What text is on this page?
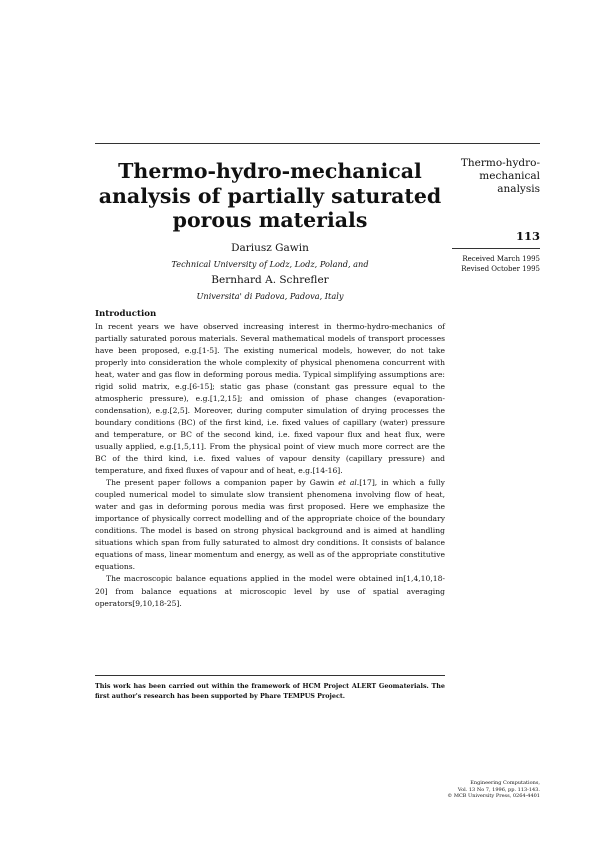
Thermo-hydro-
mechanical
analysis
113
Received March 1995
Revised October 1995
Thermo-hydro-mechanical
analysis of partially saturated
porous materials
Dariusz Gawin
Technical University of Lodz, Lodz, Poland, and
Bernhard A. Schrefler
Universita' di Padova, Padova, Italy
Introduction

In recent years we have observed increasing interest in thermo-hydro-mechanics of partially saturated porous materials. Several mathematical models of transport processes have been proposed, e.g.[1-5]. The existing numerical models, however, do not take properly into consideration the whole complexity of physical phenomena concurrent with heat, water and gas flow in deforming porous media. Typical simplifying assumptions are: rigid solid matrix, e.g.[6-15]; static gas phase (constant gas pressure equal to the atmospheric pressure), e.g.[1,2,15]; and omission of phase changes (evaporation-condensation), e.g.[2,5]. Moreover, during computer simulation of drying processes the boundary conditions (BC) of the first kind, i.e. fixed values of capillary (water) pressure and temperature, or BC of the second kind, i.e. fixed vapour flux and heat flux, were usually applied, e.g.[1,5,11]. From the physical point of view much more correct are the BC of the third kind, i.e. fixed values of vapour density (capillary pressure) and temperature, and fixed fluxes of vapour and of heat, e.g.[14-16].

The present paper follows a companion paper by Gawin et al.[17], in which a fully coupled numerical model to simulate slow transient phenomena involving flow of heat, water and gas in deforming porous media was first proposed. Here we emphasize the importance of physically correct modelling and of the appropriate choice of the boundary conditions. The model is based on strong physical background and is aimed at handling situations which span from fully saturated to almost dry conditions. It consists of balance equations of mass, linear momentum and energy, as well as of the appropriate constitutive equations.

The macroscopic balance equations applied in the model were obtained in[1,4,10,18-20] from balance equations at microscopic level by use of spatial averaging operators[9,10,18-25].

This work has been carried out within the framework of HCM Project ALERT Geomaterials. The first author's research has been supported by Phare TEMPUS Project.
Engineering Computations,
Vol. 13 No 7, 1996, pp. 113-143.
© MCB University Press, 0264-4401
